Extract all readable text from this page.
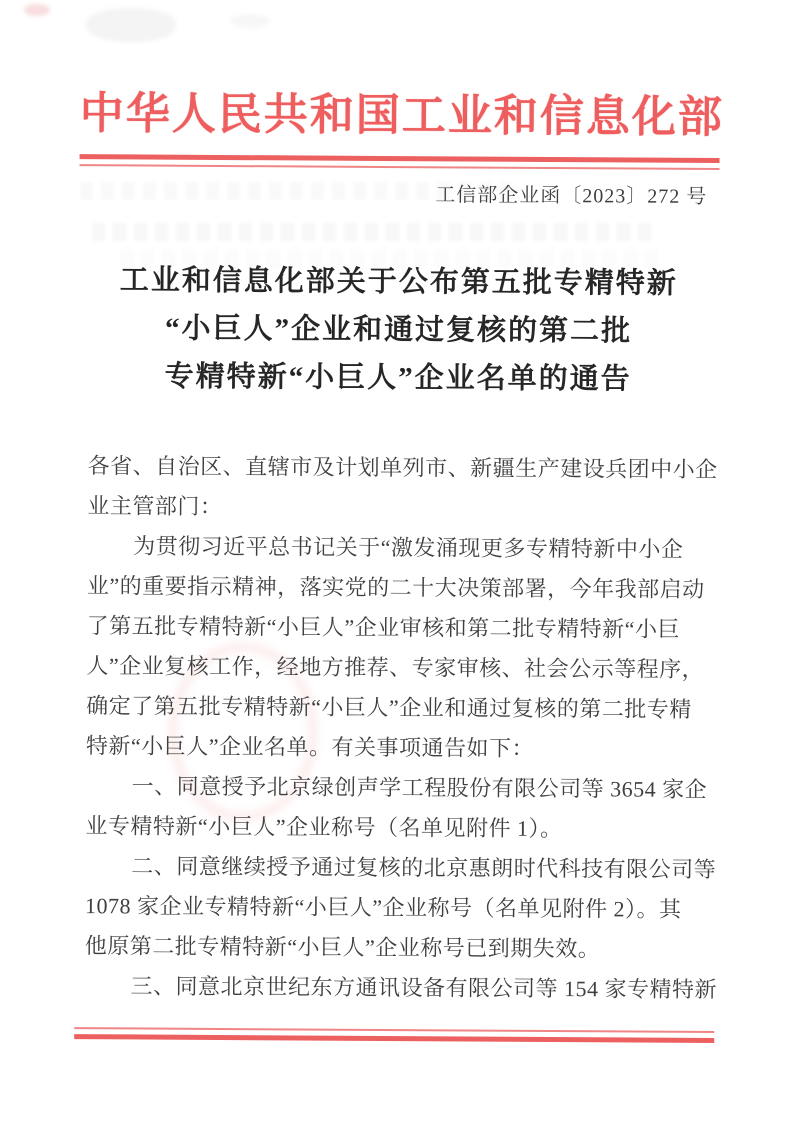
中华人民共和国工业和信息化部
工信部企业函〔2023〕272 号
工业和信息化部关于公布第五批专精特新
“小巨人”企业和通过复核的第二批
专精特新“小巨人”企业名单的通告
各省、自治区、直辖市及计划单列市、新疆生产建设兵团中小企
业主管部门：
为贯彻习近平总书记关于“激发涌现更多专精特新中小企
业”的重要指示精神，落实党的二十大决策部署，今年我部启动
了第五批专精特新“小巨人”企业审核和第二批专精特新“小巨
人”企业复核工作，经地方推荐、专家审核、社会公示等程序，
确定了第五批专精特新“小巨人”企业和通过复核的第二批专精
特新“小巨人”企业名单。有关事项通告如下：
一、同意授予北京绿创声学工程股份有限公司等 3654 家企
业专精特新“小巨人”企业称号（名单见附件 1）。
二、同意继续授予通过复核的北京惠朗时代科技有限公司等
1078 家企业专精特新“小巨人”企业称号（名单见附件 2）。其
他原第二批专精特新“小巨人”企业称号已到期失效。
三、同意北京世纪东方通讯设备有限公司等 154 家专精特新
